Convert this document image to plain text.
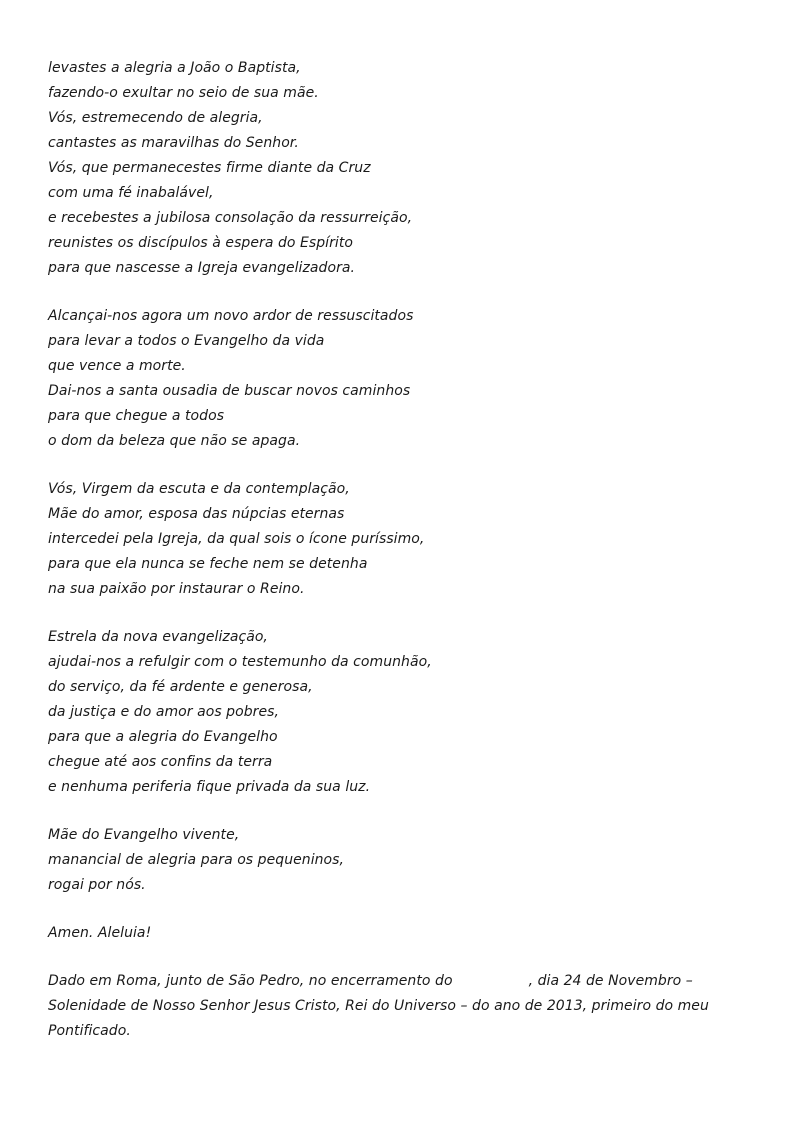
levastes a alegria a João o Baptista,
fazendo-o exultar no seio de sua mãe.
Vós, estremecendo de alegria,
cantastes as maravilhas do Senhor.
Vós, que permanecestes firme diante da Cruz
com uma fé inabalável,
e recebestes a jubilosa consolação da ressurreição,
reunistes os discípulos à espera do Espírito
para que nascesse a Igreja evangelizadora.
Alcançai-nos agora um novo ardor de ressuscitados
para levar a todos o Evangelho da vida
que vence a morte.
Dai-nos a santa ousadia de buscar novos caminhos
para que chegue a todos
o dom da beleza que não se apaga.
Vós, Virgem da escuta e da contemplação,
Mãe do amor, esposa das núpcias eternas
intercedei pela Igreja, da qual sois o ícone puríssimo,
para que ela nunca se feche nem se detenha
na sua paixão por instaurar o Reino.
Estrela da nova evangelização,
ajudai-nos a refulgir com o testemunho da comunhão,
do serviço, da fé ardente e generosa,
da justiça e do amor aos pobres,
para que a alegria do Evangelho
chegue até aos confins da terra
e nenhuma periferia fique privada da sua luz.
Mãe do Evangelho vivente,
manancial de alegria para os pequeninos,
rogai por nós.
Amen. Aleluia!
Dado em Roma, junto de São Pedro, no encerramento do	, dia 24 de Novembro –
Solenidade de Nosso Senhor Jesus Cristo, Rei do Universo – do ano de 2013, primeiro do meu
Pontificado.
